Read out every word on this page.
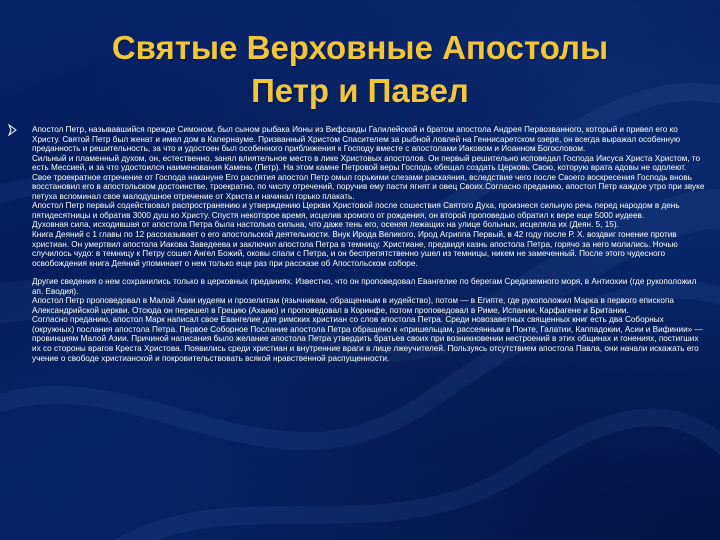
Святые Верховные Апостолы
Петр и Павел

Апостол Петр, называвшийся прежде Симоном, был сыном рыбака Ионы из Вифсаиды Галилейской и братом апостола Андрея Первозванного, который и привел его ко Христу. Святой Петр был женат и имел дом в Капернауме. Призванный Христом Спасителем за рыбной ловлей на Геннисаретском озере, он всегда выражал особенную преданность и решительность, за что и удостоен был особенного приближения к Господу вместе с апостолами Иаковом и Иоанном Богословом.

Сильный и пламенный духом, он, естественно, занял влиятельное место в лике Христовых апостолов. Он первый решительно исповедал Господа Иисуса Христа Христом, то есть Мессией, и за что удостоился наименования Камень (Петр). На этом камне Петровой веры Господь обещал создать Церковь Свою, которую врата адовы не одолеют.

Свое троекратное отречение от Господа накануне Его распятия апостол Петр омыл горькими слезами раскаяния, вследствие чего после Своего воскресения Господь вновь восстановил его в апостольском достоинстве, троекратно, по числу отречений, поручив ему пасти ягнят и овец Своих.Согласно преданию, апостол Петр каждое утро при звуке петуха вспоминал свое малодушное отречение от Христа и начинал горько плакать.

Апостол Петр первый содействовал распространению и утверждению Церкви Христовой после сошествия Святого Духа, произнеся сильную речь перед народом в день пятидесятницы и обратив 3000 душ ко Христу. Спустя некоторое время, исцелив хромого от рождения, он второй проповедью обратил к вере еще 5000 иудеев.

Духовная сила, исходившая от апостола Петра была настолько сильна, что даже тень его, осеняя лежащих на улице больных, исцеляла их (Деян. 5, 15).

Книга Деяний с 1 главы по 12 рассказывает о его апостольской деятельности. Внук Ирода Великого, Ирод Агриппа Первый, в 42 году после Р. Х. воздвиг гонение против христиан. Он умертвил апостола Иакова Заведеева и заключил апостола Петра в темницу. Христиане, предвидя казнь апостола Петра, горячо за него молились. Ночью случилось чудо: в темницу к Петру сошел Ангел Божий, оковы спали с Петра, и он беспрепятственно ушел из темницы, никем не замеченный. После этого чудесного освобождения книга Деяний упоминает о нем только еще раз при рассказе об Апостольском соборе.

Другие сведения о нем сохранились только в церковных преданиях. Известно, что он проповедовал Евангелие по берегам Средиземного моря, в Антиохии (где рукоположил ап. Еводия).

Апостол Петр проповедовал в Малой Азии иудеям и прозелитам (язычникам, обращенным в иудейство), потом — в Египте, где рукоположил Марка в первого епископа Александрийской церкви. Отсюда он перешел в Грецию (Ахаию) и проповедовал в Коринфе, потом проповедовал в Риме, Испании, Карфагене и Британии.

Согласно преданию, апостол Марк написал свое Евангелие для римских христиан со слов апостола Петра. Среди новозаветных священных книг есть два Соборных (окружных) послания апостола Петра. Первое Соборное Послание апостола Петра обращено к «пришельцам, рассеянным в Понте, Галатии, Каппадокии, Асии и Вифинии» — провинциям Малой Азии. Причиной написания было желание апостола Петра утвердить братьев своих при возникновении нестроений в этих общинах и гонениях, постигших их со стороны врагов Креста Христова. Появились среди христиан и внутренние враги в лице лжеучителей. Пользуясь отсутствием апостола Павла, они начали искажать его учение о свободе христианской и покровительствовать всякой нравственной распущенности.
